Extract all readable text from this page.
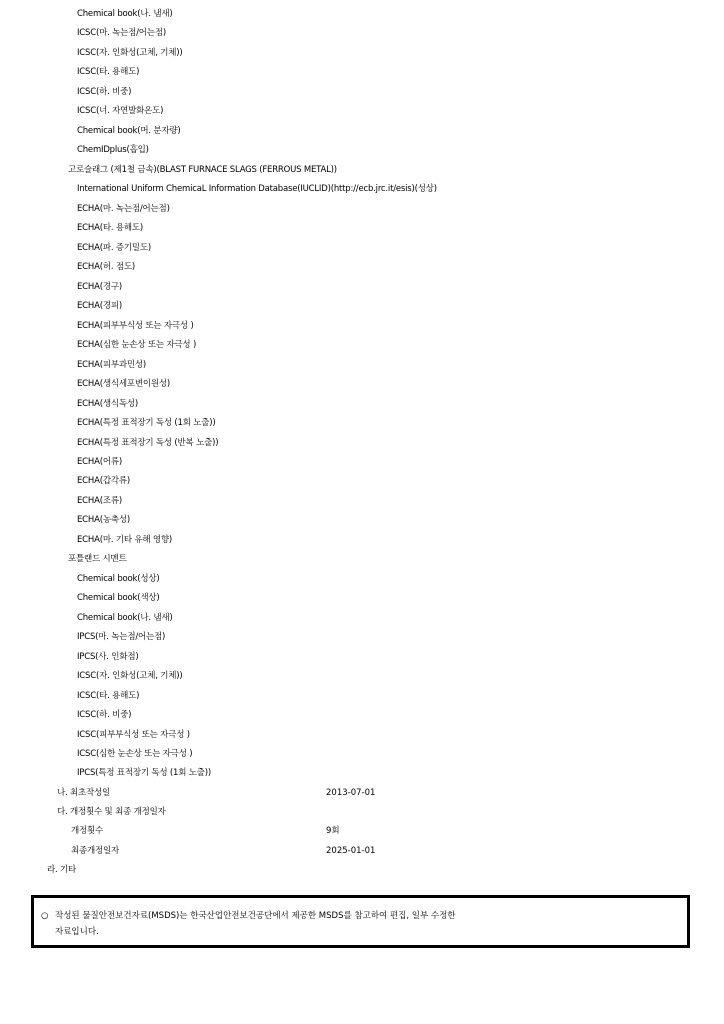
Chemical book(나. 냄새)
ICSC(마. 녹는점/어는점)
ICSC(자. 인화성(고체, 기체))
ICSC(타. 용해도)
ICSC(하. 비중)
ICSC(너. 자연발화온도)
Chemical book(머. 분자량)
ChemIDplus(흡입)
고로슬래그 (제1철 금속)(BLAST FURNACE SLAGS (FERROUS METAL))
International Uniform ChemicaL Information Database(IUCLID)(http://ecb.jrc.it/esis)(성상)
ECHA(마. 녹는점/어는점)
ECHA(타. 용해도)
ECHA(파. 증기밀도)
ECHA(허. 점도)
ECHA(경구)
ECHA(경피)
ECHA(피부부식성 또는 자극성 )
ECHA(심한 눈손상 또는 자극성 )
ECHA(피부과민성)
ECHA(생식세포변이원성)
ECHA(생식독성)
ECHA(특정 표적장기 독성 (1회 노출))
ECHA(특정 표적장기 독성 (반복 노출))
ECHA(어류)
ECHA(갑각류)
ECHA(조류)
ECHA(농축성)
ECHA(마. 기타 유해 영향)
포틀랜드 시멘트
Chemical book(성상)
Chemical book(색상)
Chemical book(나. 냄새)
IPCS(마. 녹는점/어는점)
IPCS(사. 인화점)
ICSC(자. 인화성(고체, 기체))
ICSC(타. 용해도)
ICSC(하. 비중)
ICSC(피부부식성 또는 자극성 )
ICSC(심한 눈손상 또는 자극성 )
IPCS(특정 표적장기 독성 (1회 노출))
나. 최초작성일	2013-07-01
다. 개정횟수 및 최종 개정일자
개정횟수	9회
최종개정일자	2025-01-01
라. 기타
○ 작성된 물질안전보건자료(MSDS)는 한국산업안전보건공단에서 제공한 MSDS를 참고하여 편집, 일부 수정한
자료입니다.
